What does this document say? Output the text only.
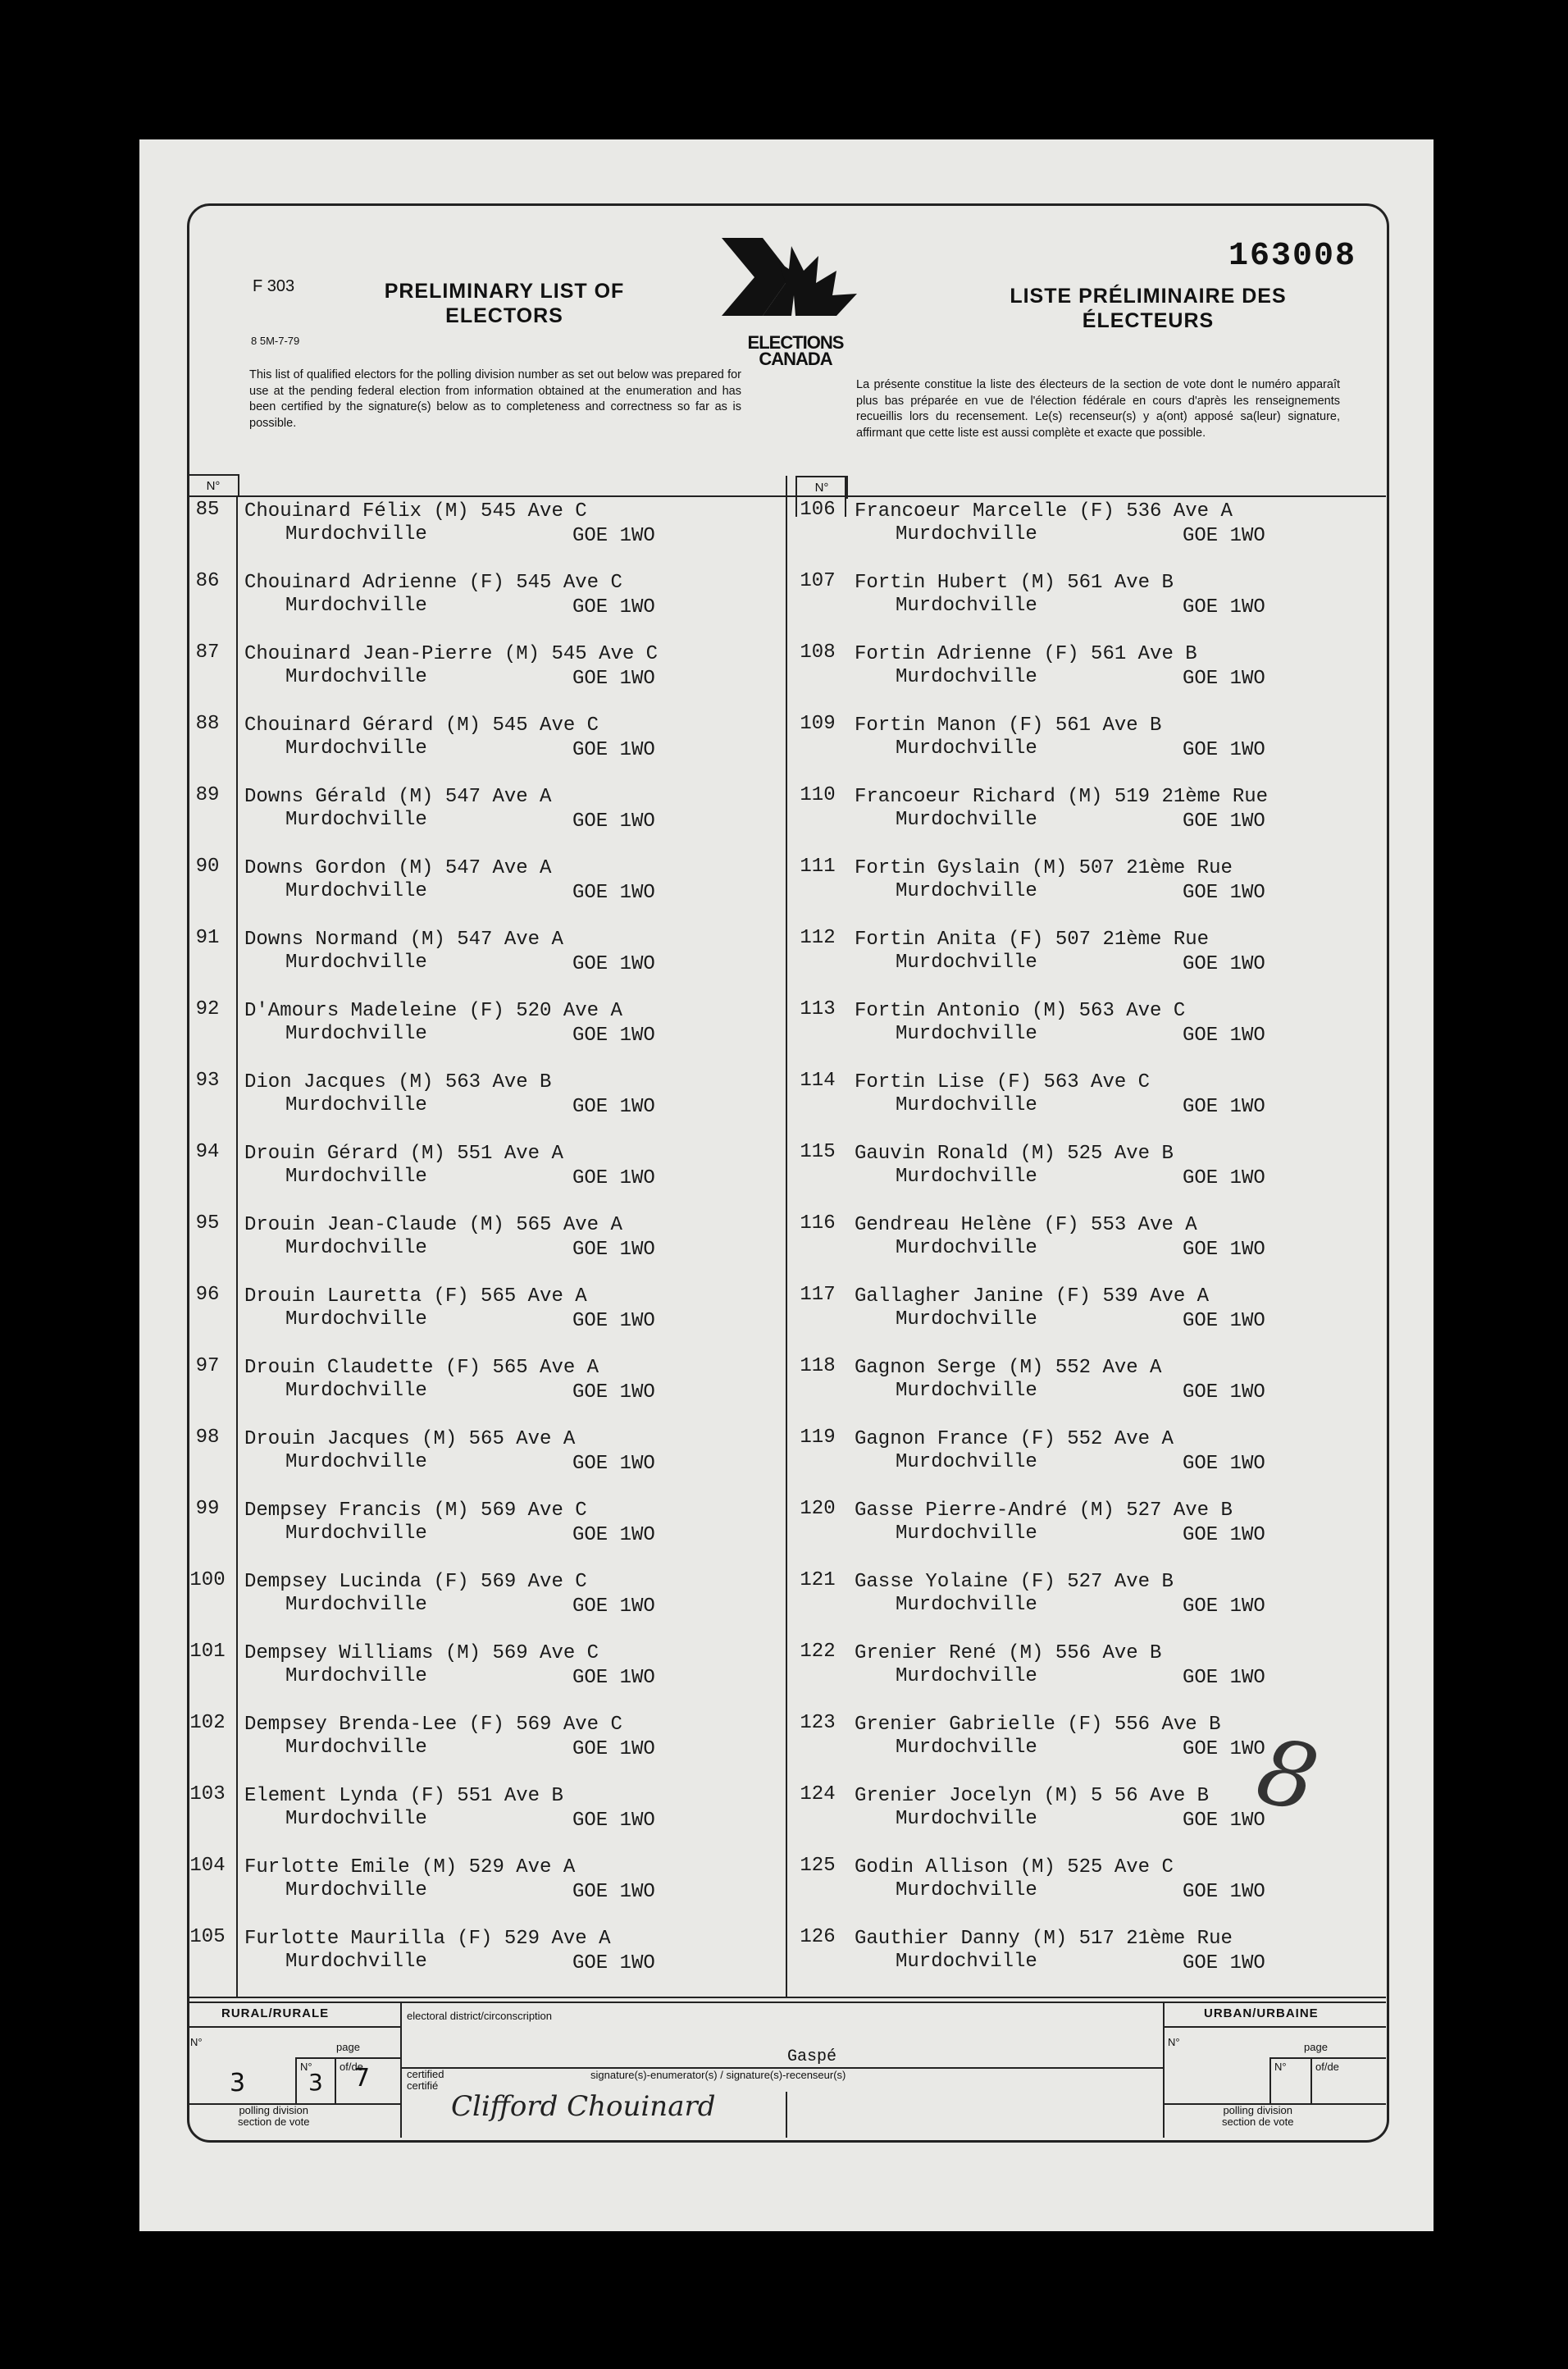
F 303
8 5M-7-79
PRELIMINARY LIST OF
ELECTORS
ELECTIONS
CANADA
163008
LISTE PRÉLIMINAIRE DES
ÉLECTEURS
This list of qualified electors for the polling division number as set out below was prepared for use at the pending federal election from information obtained at the enumeration and has been certified by the signature(s) below as to completeness and correctness so far as is possible.
La présente constitue la liste des électeurs de la section de vote dont le numéro apparaît plus bas préparée en vue de l'élection fédérale en cours d'après les renseignements recueillis lors du recensement. Le(s) recenseur(s) y a(ont) apposé sa(leur) signature, affirmant que cette liste est aussi complète et exacte que possible.
N°	N°
85	Chouinard Félix (M) 545 Ave C
Murdochville	GOE 1WO
86	Chouinard Adrienne (F) 545 Ave C
Murdochville	GOE 1WO
87	Chouinard Jean-Pierre (M) 545 Ave C
Murdochville	GOE 1WO
88	Chouinard Gérard (M) 545 Ave C
Murdochville	GOE 1WO
89	Downs Gérald (M) 547 Ave A
Murdochville	GOE 1WO
90	Downs Gordon (M) 547 Ave A
Murdochville	GOE 1WO
91	Downs Normand (M) 547 Ave A
Murdochville	GOE 1WO
92	D'Amours Madeleine (F) 520 Ave A
Murdochville	GOE 1WO
93	Dion Jacques (M) 563 Ave B
Murdochville	GOE 1WO
94	Drouin Gérard (M) 551 Ave A
Murdochville	GOE 1WO
95	Drouin Jean-Claude (M) 565 Ave A
Murdochville	GOE 1WO
96	Drouin Lauretta (F) 565 Ave A
Murdochville	GOE 1WO
97	Drouin Claudette (F) 565 Ave A
Murdochville	GOE 1WO
98	Drouin Jacques (M) 565 Ave A
Murdochville	GOE 1WO
99	Dempsey Francis (M) 569 Ave C
Murdochville	GOE 1WO
100 Dempsey Lucinda (F) 569 Ave C
Murdochville	GOE 1WO
101 Dempsey Williams (M) 569 Ave C
Murdochville	GOE 1WO
102 Dempsey Brenda-Lee (F) 569 Ave C
Murdochville	GOE 1WO
103 Element Lynda (F) 551 Ave B
Murdochville	GOE 1WO
104 Furlotte Emile (M) 529 Ave A
Murdochville	GOE 1WO
105 Furlotte Maurilla (F) 529 Ave A
Murdochville	GOE 1WO
106 Francoeur Marcelle (F) 536 Ave A
Murdochville	GOE 1WO
107 Fortin Hubert (M) 561 Ave B
Murdochville	GOE 1WO
108 Fortin Adrienne (F) 561 Ave B
Murdochville	GOE 1WO
109 Fortin Manon (F) 561 Ave B
Murdochville	GOE 1WO
110 Francoeur Richard (M) 519 21ème Rue
Murdochville	GOE 1WO
111 Fortin Gyslain (M) 507 21ème Rue
Murdochville	GOE 1WO
112 Fortin Anita (F) 507 21ème Rue
Murdochville	GOE 1WO
113 Fortin Antonio (M) 563 Ave C
Murdochville	GOE 1WO
114 Fortin Lise (F) 563 Ave C
Murdochville	GOE 1WO
115 Gauvin Ronald (M) 525 Ave B
Murdochville	GOE 1WO
116 Gendreau Helène (F) 553 Ave A
Murdochville	GOE 1WO
117 Gallagher Janine (F) 539 Ave A
Murdochville	GOE 1WO
118 Gagnon Serge (M) 552 Ave A
Murdochville	GOE 1WO
119 Gagnon France (F) 552 Ave A
Murdochville	GOE 1WO
120 Gasse Pierre-André (M) 527 Ave B
Murdochville	GOE 1WO
121 Gasse Yolaine (F) 527 Ave B
Murdochville	GOE 1WO
122 Grenier René (M) 556 Ave B
Murdochville	GOE 1WO
123 Grenier Gabrielle (F) 556 Ave B
Murdochville	GOE 1WO
124 Grenier Jocelyn (M) 5 56 Ave B
Murdochville	GOE 1WO
125 Godin Allison (M) 525 Ave C
Murdochville	GOE 1WO
126 Gauthier Danny (M) 517 21ème Rue
Murdochville	GOE 1WO
8
RURAL/RURALE
N°	page
N°	of/de
3	3 7
polling division
section de vote
electoral district/circonscription
Gaspé
certified
certifié
signature(s)-enumerator(s) / signature(s)-recenseur(s)
Clifford Chouinard
URBAN/URBAINE
N°	page
N°	of/de
polling division
section de vote
